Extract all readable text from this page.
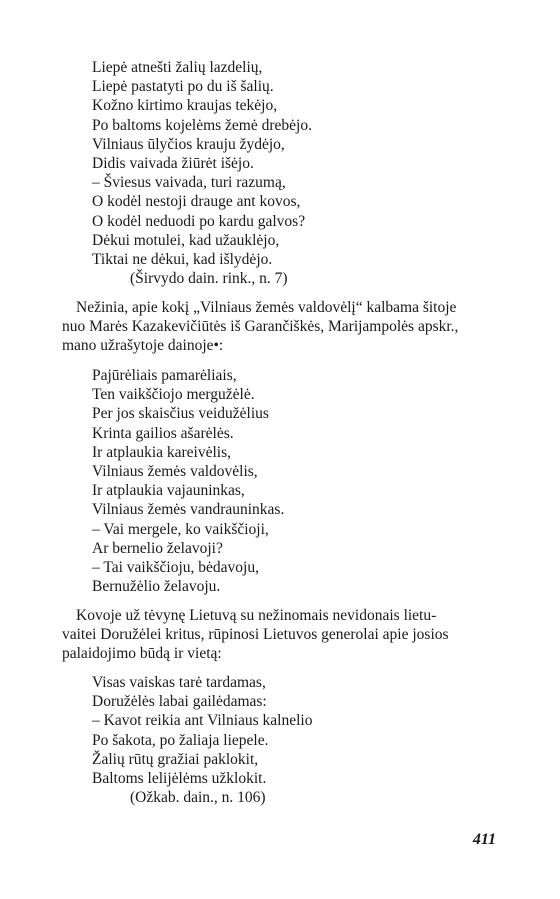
Liepė atnešti žalių lazdelių,
Liepė pastatyti po du iš šalių.
Kožno kirtimo kraujas tekėjo,
Po baltoms kojelėms žemė drebėjo.
Vilniaus ūlyčios krauju žydėjo,
Didis vaivada žiūrėt išėjo.
– Šviesus vaivada, turi razumą,
O kodėl nestoji drauge ant kovos,
O kodėl neduodi po kardu galvos?
Dėkui motulei, kad užauklėjo,
Tiktai ne dėkui, kad išlydėjo.
(Širvydo dain. rink., n. 7)
Nežinia, apie kokį „Vilniaus žemės valdovėlį“ kalbama šitoje
nuo Marės Kazakevičiūtės iš Garančiškės, Marijampolės apskr.,
mano užrašytoje dainoje•:
Pajūrėliais pamarėliais,
Ten vaikščiojo mergužėlė.
Per jos skaisčius veidužėlius
Krinta gailios ašarėlės.
Ir atplaukia kareivėlis,
Vilniaus žemės valdovėlis,
Ir atplaukia vajauninkas,
Vilniaus žemės vandrauninkas.
– Vai mergele, ko vaikščioji,
Ar bernelio želavoji?
– Tai vaikščioju, bėdavoju,
Bernužėlio želavoju.
Kovoje už tėvynę Lietuvą su nežinomais nevidonais lietu-
vaitei Doružėlei kritus, rūpinosi Lietuvos generolai apie josios
palaidojimo būdą ir vietą:
Visas vaiskas tarė tardamas,
Doružėlės labai gailėdamas:
– Kavot reikia ant Vilniaus kalnelio
Po šakota, po žaliaja liepele.
Žalių rūtų gražiai paklokit,
Baltoms lelijėlėms užklokit.
(Ožkab. dain., n. 106)
411
